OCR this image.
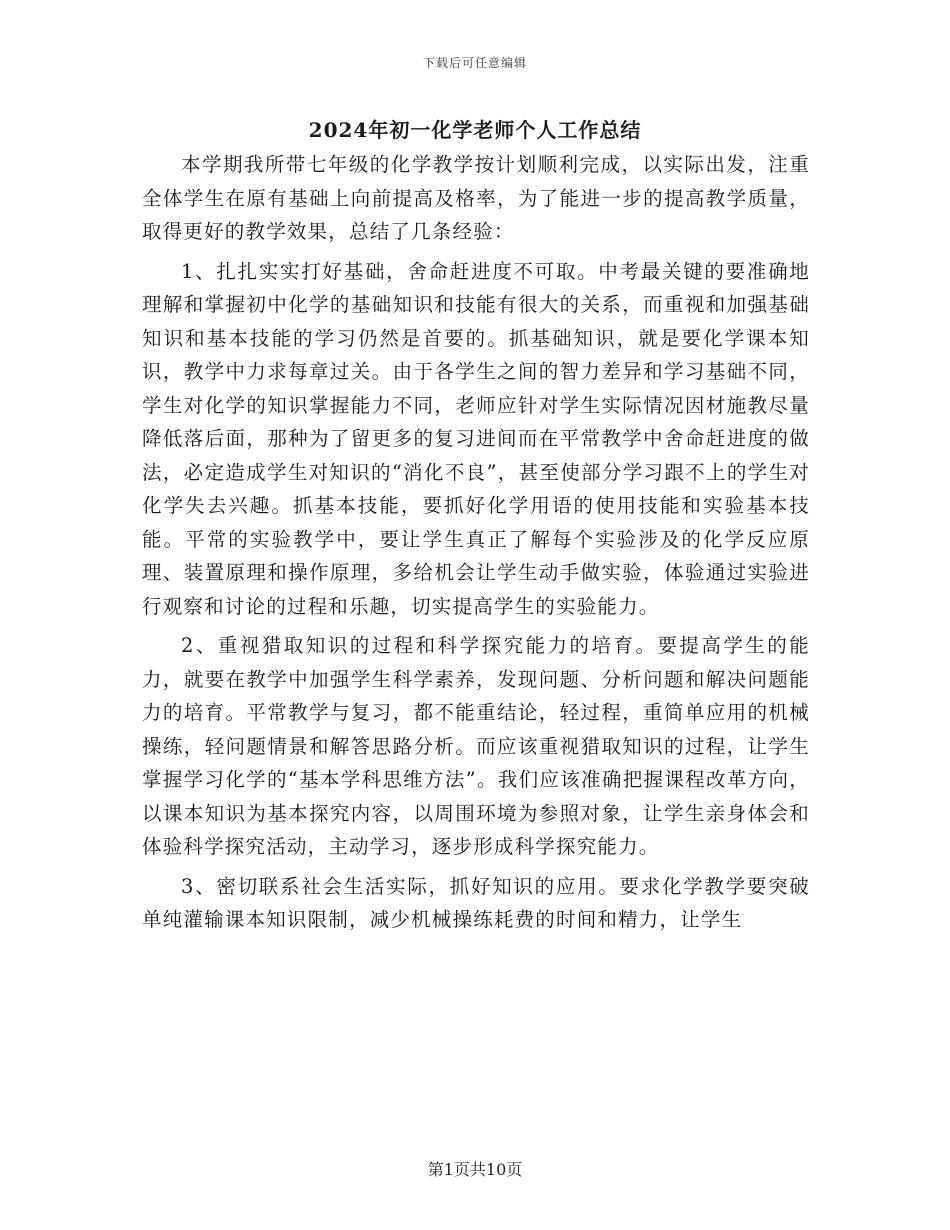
下载后可任意编辑
2024年初一化学老师个人工作总结

本学期我所带七年级的化学教学按计划顺利完成，以实际出发，注重全体学生在原有基础上向前提高及格率，为了能进一步的提高教学质量，取得更好的教学效果，总结了几条经验：

1、扎扎实实打好基础，舍命赶进度不可取。中考最关键的要准确地理解和掌握初中化学的基础知识和技能有很大的关系，而重视和加强基础知识和基本技能的学习仍然是首要的。抓基础知识，就是要化学课本知识，教学中力求每章过关。由于各学生之间的智力差异和学习基础不同，学生对化学的知识掌握能力不同，老师应针对学生实际情况因材施教尽量降低落后面，那种为了留更多的复习进间而在平常教学中舍命赶进度的做法，必定造成学生对知识的“消化不良”，甚至使部分学习跟不上的学生对化学失去兴趣。抓基本技能，要抓好化学用语的使用技能和实验基本技能。平常的实验教学中，要让学生真正了解每个实验涉及的化学反应原理、装置原理和操作原理，多给机会让学生动手做实验，体验通过实验进行观察和讨论的过程和乐趣，切实提高学生的实验能力。

2、重视猎取知识的过程和科学探究能力的培育。要提高学生的能力，就要在教学中加强学生科学素养，发现问题、分析问题和解决问题能力的培育。平常教学与复习，都不能重结论，轻过程，重简单应用的机械操练，轻问题情景和解答思路分析。而应该重视猎取知识的过程，让学生掌握学习化学的“基本学科思维方法”。我们应该准确把握课程改革方向，以课本知识为基本探究内容，以周围环境为参照对象，让学生亲身体会和体验科学探究活动，主动学习，逐步形成科学探究能力。

3、密切联系社会生活实际，抓好知识的应用。要求化学教学要突破单纯灌输课本知识限制，减少机械操练耗费的时间和精力，让学生

第1页共10页
